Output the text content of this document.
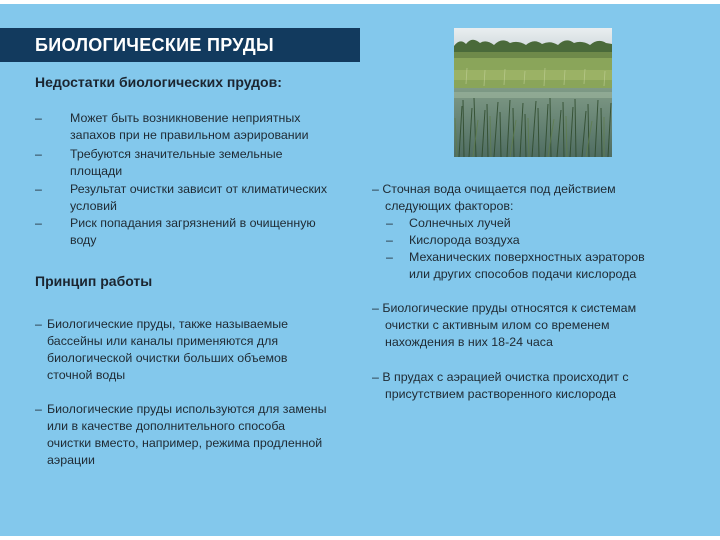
БИОЛОГИЧЕСКИЕ ПРУДЫ
Недостатки биологических прудов:
– Может быть возникновение неприятных
запахов при не правильном аэрировании
– Требуются значительные земельные
площади
– Результат очистки зависит от климатических
условий
– Риск попадания загрязнений в очищенную
воду
Принцип работы
– Биологические пруды, также называемые
бассейны или каналы применяются для
биологической очистки больших объемов
сточной воды
– Биологические пруды используются для замены
или в качестве дополнительного способа
очистки вместо, например, режима продленной
аэрации
– Сточная вода очищается под действием
следующих факторов:
– Солнечных лучей
– Кислорода воздуха
– Механических поверхностных аэраторов
или других способов подачи кислорода
– Биологические пруды относятся к системам
очистки с активным илом со временем
нахождения в них 18-24 часа
– В прудах с аэрацией очистка происходит с
присутствием растворенного кислорода
